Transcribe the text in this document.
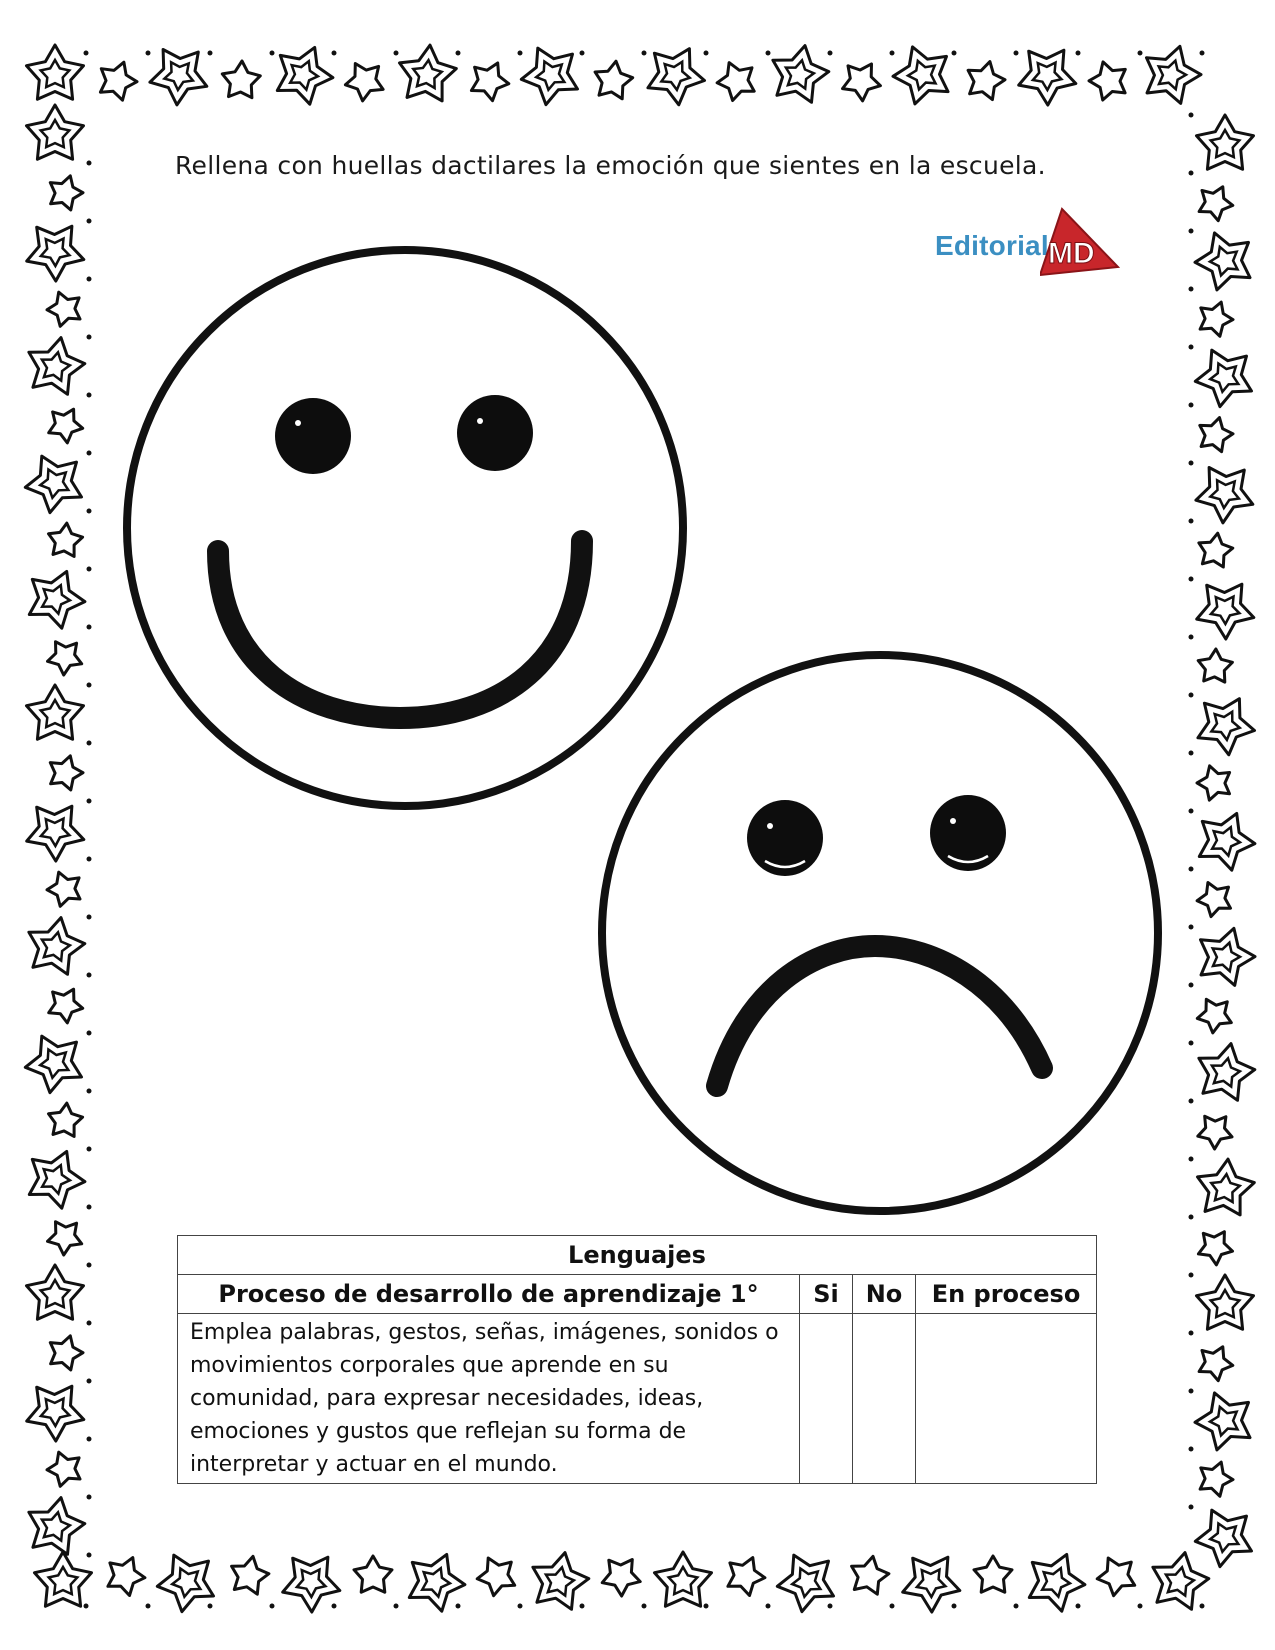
Rellena con huellas dactilares la emoción que sientes en la escuela.
Editorial MD
Lenguajes			
Proceso de desarrollo de aprendizaje 1°	Si	No	En proceso
Emplea palabras, gestos, señas, imágenes, sonidos o movimientos corporales que aprende en su comunidad, para expresar necesidades, ideas, emociones y gustos que reflejan su forma de interpretar y actuar en el mundo.			
